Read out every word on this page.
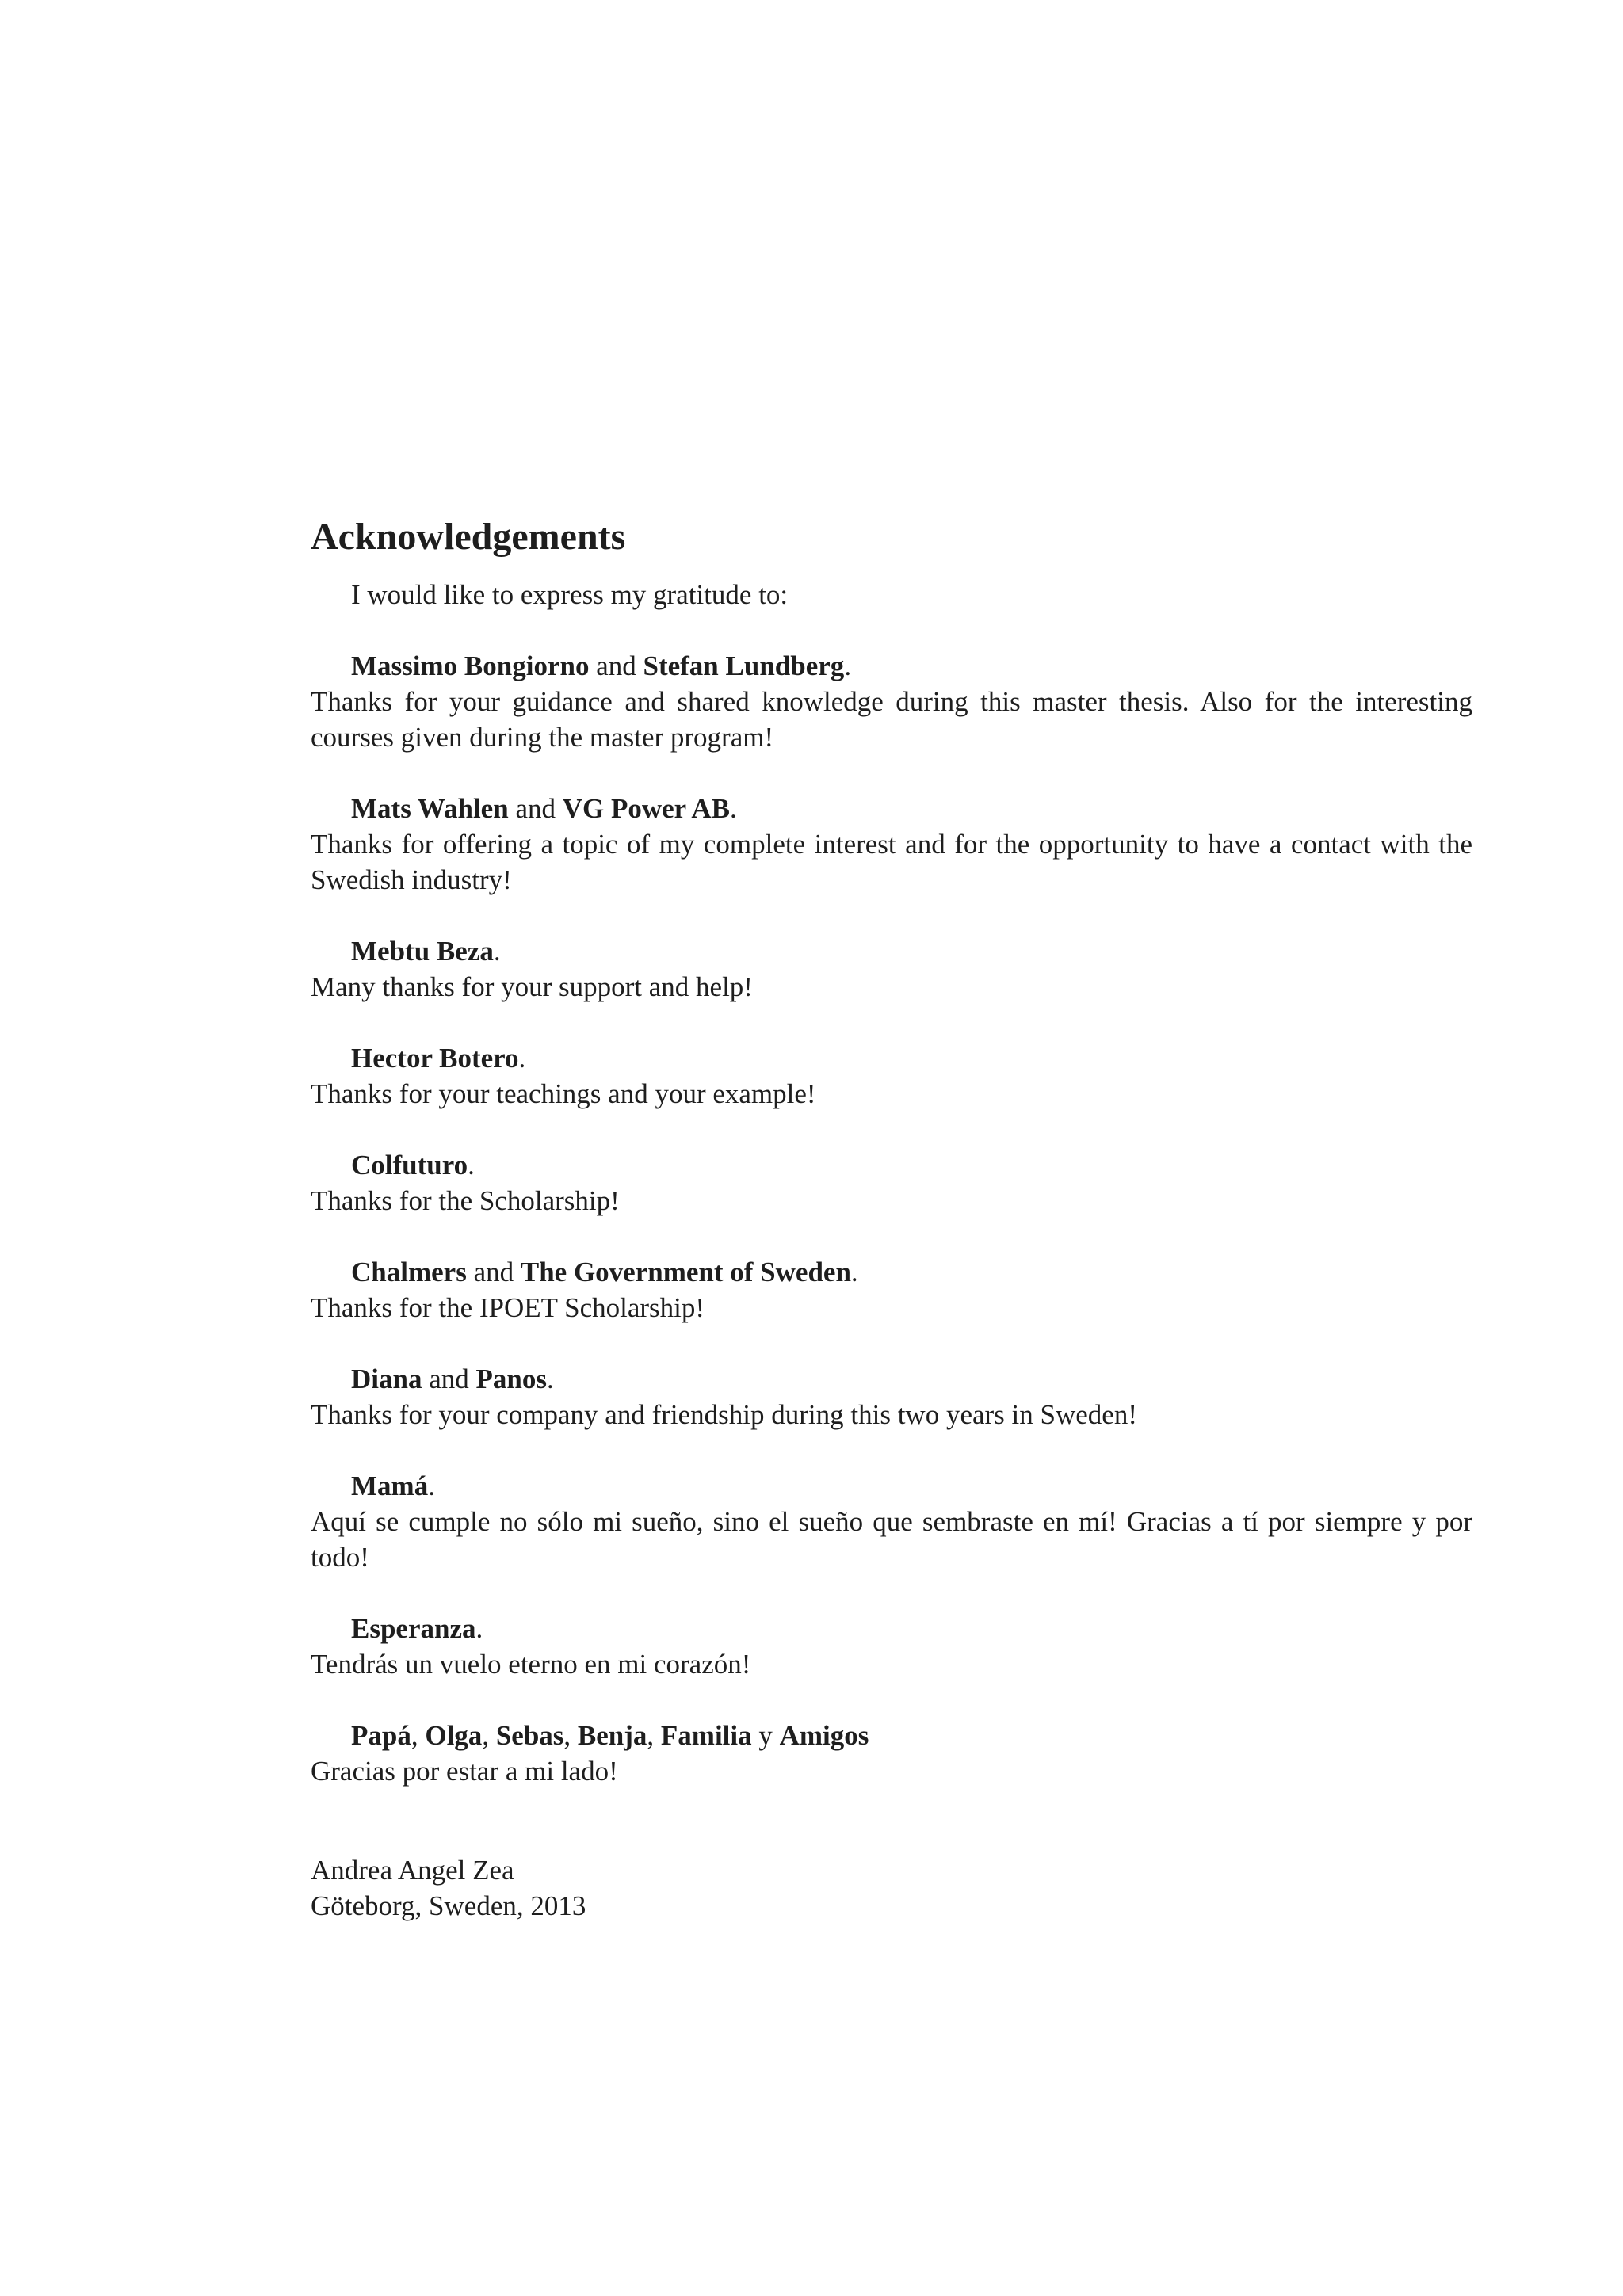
Acknowledgements

I would like to express my gratitude to:

Massimo Bongiorno and Stefan Lundberg.
Thanks for your guidance and shared knowledge during this master thesis. Also for the interesting courses given during the master program!
Mats Wahlen and VG Power AB.
Thanks for offering a topic of my complete interest and for the opportunity to have a contact with the Swedish industry!
Mebtu Beza.
Many thanks for your support and help!
Hector Botero.
Thanks for your teachings and your example!
Colfuturo.
Thanks for the Scholarship!
Chalmers and The Government of Sweden.
Thanks for the IPOET Scholarship!
Diana and Panos.
Thanks for your company and friendship during this two years in Sweden!
Mamá.
Aquí se cumple no sólo mi sueño, sino el sueño que sembraste en mí! Gracias a tí por siempre y por todo!
Esperanza.
Tendrás un vuelo eterno en mi corazón!
Papá, Olga, Sebas, Benja, Familia y Amigos
Gracias por estar a mi lado!
Andrea Angel Zea
Göteborg, Sweden, 2013
